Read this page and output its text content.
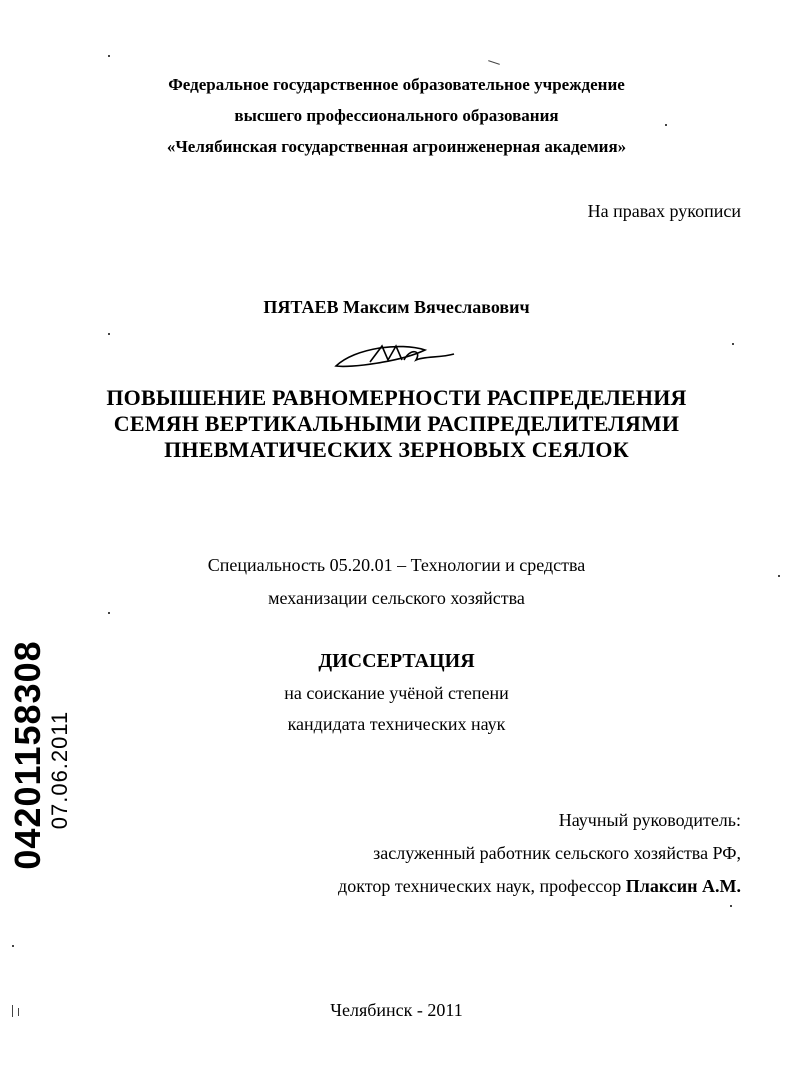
Федеральное государственное образовательное учреждение
высшего профессионального образования
«Челябинская государственная агроинженерная академия»
На правах рукописи
ПЯТАЕВ Максим Вячеславович
ПОВЫШЕНИЕ РАВНОМЕРНОСТИ РАСПРЕДЕЛЕНИЯ
СЕМЯН ВЕРТИКАЛЬНЫМИ РАСПРЕДЕЛИТЕЛЯМИ
ПНЕВМАТИЧЕСКИХ ЗЕРНОВЫХ СЕЯЛОК
Специальность 05.20.01 – Технологии и средства
механизации сельского хозяйства
ДИССЕРТАЦИЯ
на соискание учёной степени
кандидата технических наук
Научный руководитель:
заслуженный работник сельского хозяйства РФ,
доктор технических наук, профессор Плаксин А.М.
Челябинск - 2011
04201158308 07.06.2011
